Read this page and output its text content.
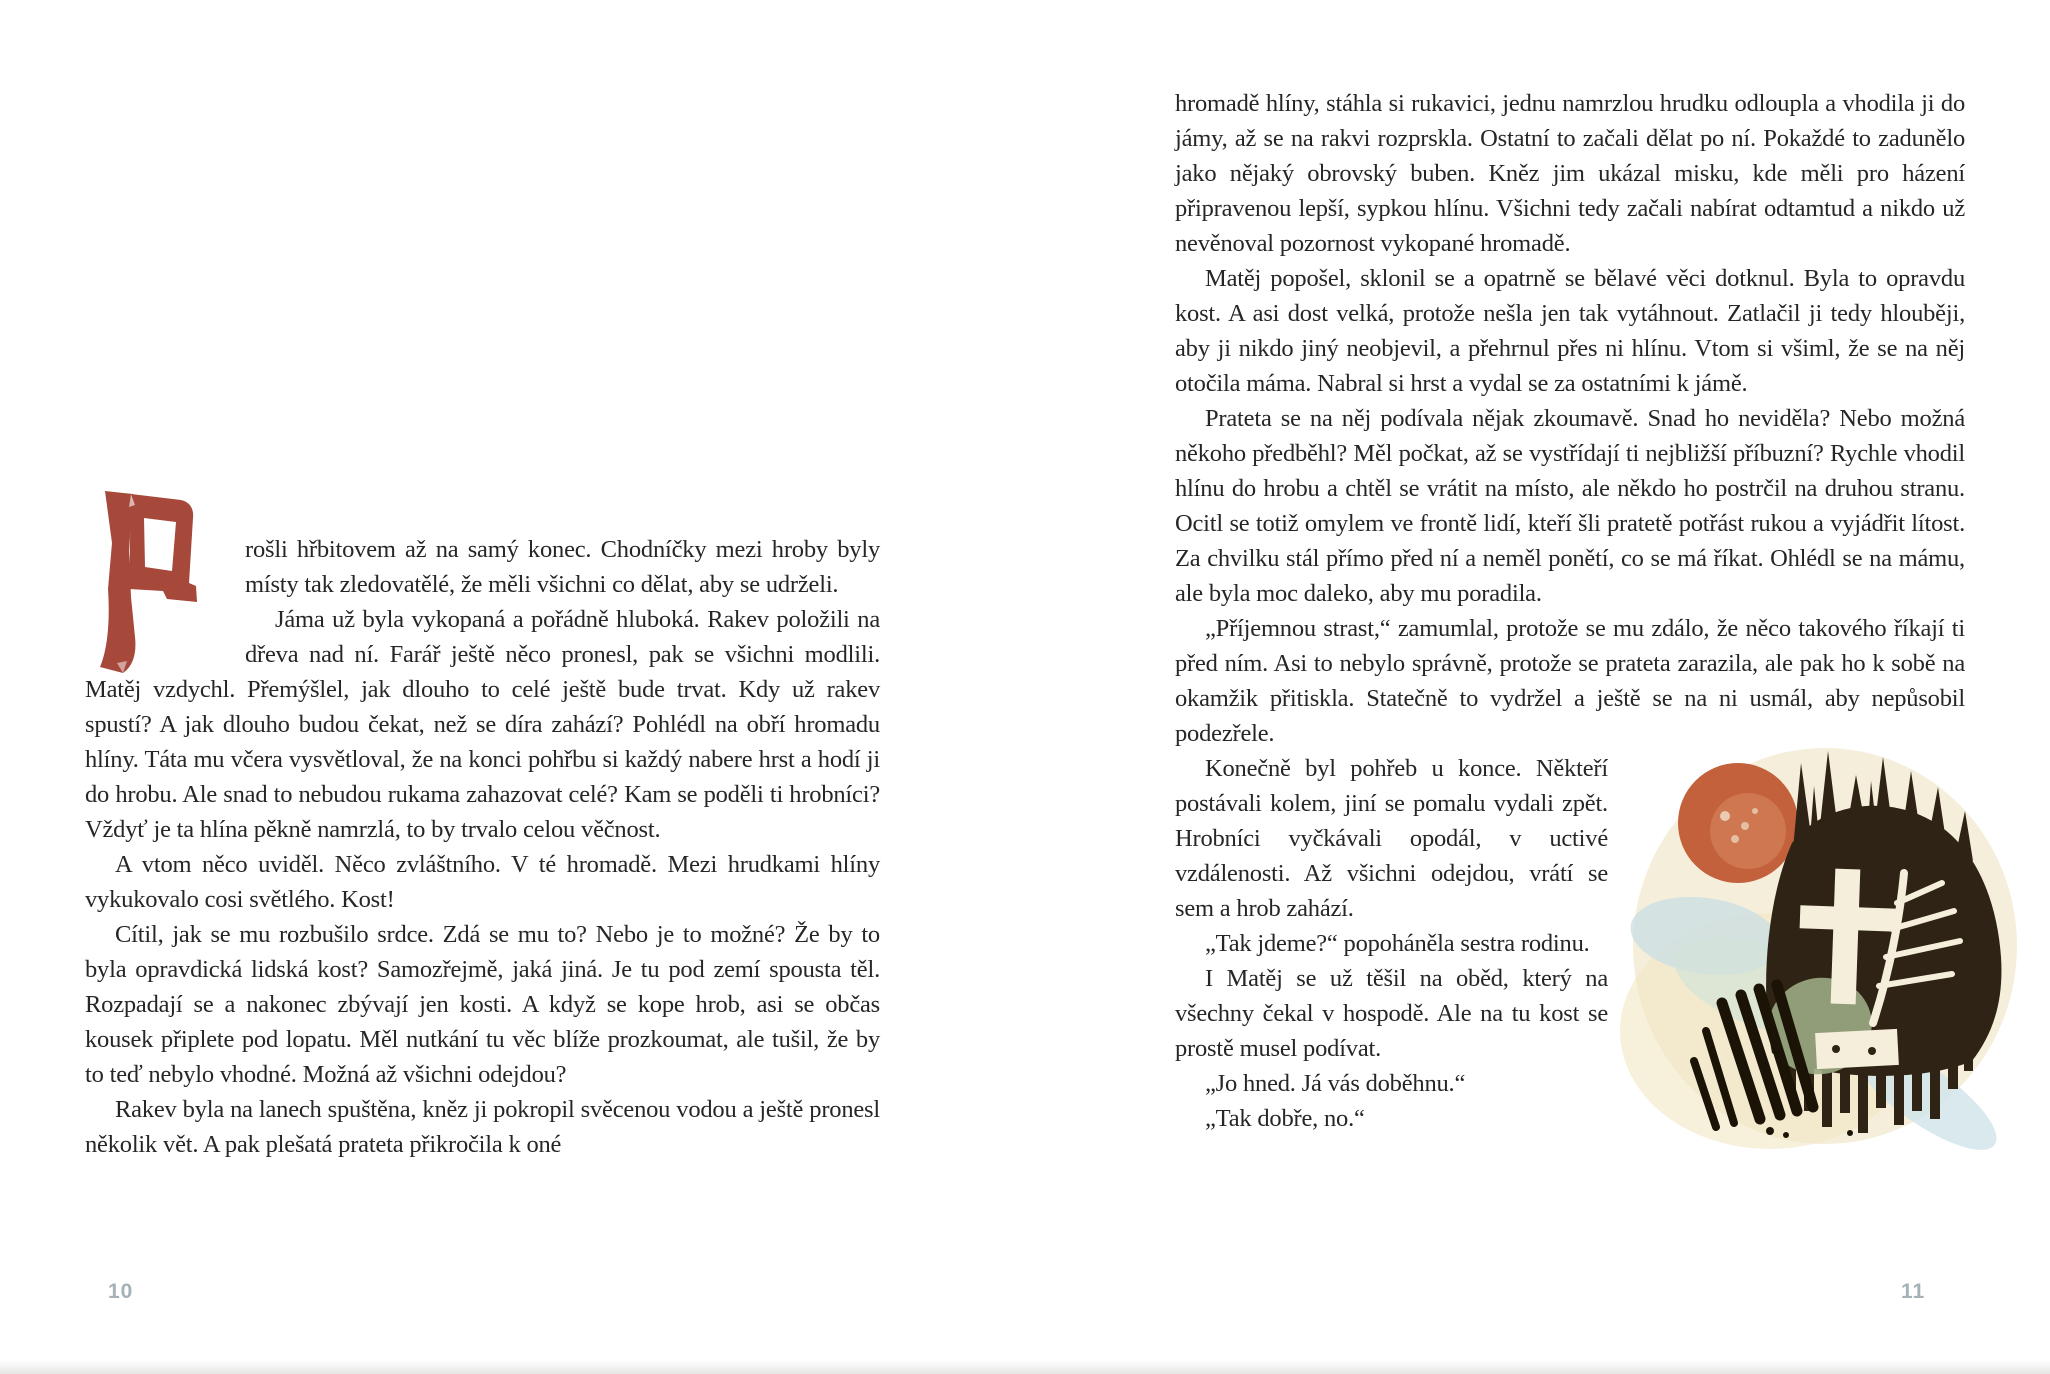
rošli hřbitovem až na samý konec. Chodníčky mezi hroby byly místy tak zledovatělé, že měli všichni co dělat, aby se udrželi.

Jáma už byla vykopaná a pořádně hluboká. Rakev položili na dřeva nad ní. Farář ještě něco pronesl, pak se všichni modlili. Matěj vzdychl. Přemýšlel, jak dlouho to celé ještě bude trvat. Kdy už rakev spustí? A jak dlouho budou čekat, než se díra zahází? Pohlédl na obří hromadu hlíny. Táta mu včera vysvětloval, že na konci pohřbu si každý nabere hrst a hodí ji do hrobu. Ale snad to nebudou rukama zahazovat celé? Kam se poděli ti hrobníci? Vždyť je ta hlína pěkně namrzlá, to by trvalo celou věčnost.

A vtom něco uviděl. Něco zvláštního. V té hromadě. Mezi hrudkami hlíny vykukovalo cosi světlého. Kost!

Cítil, jak se mu rozbušilo srdce. Zdá se mu to? Nebo je to možné? Že by to byla opravdická lidská kost? Samozřejmě, jaká jiná. Je tu pod zemí spousta těl. Rozpadají se a nakonec zbývají jen kosti. A když se kope hrob, asi se občas kousek připlete pod lopatu. Měl nutkání tu věc blíže prozkoumat, ale tušil, že by to teď nebylo vhodné. Možná až všichni odejdou?

Rakev byla na lanech spuštěna, kněz ji pokropil svěcenou vodou a ještě pronesl několik vět. A pak plešatá prateta přikročila k oné

10

hromadě hlíny, stáhla si rukavici, jednu namrzlou hrudku odloupla a vhodila ji do jámy, až se na rakvi rozprskla. Ostatní to začali dělat po ní. Pokaždé to zadunělo jako nějaký obrovský buben. Kněz jim ukázal misku, kde měli pro házení připravenou lepší, sypkou hlínu. Všichni tedy začali nabírat odtamtud a nikdo už nevěnoval pozornost vykopané hromadě.

Matěj popošel, sklonil se a opatrně se bělavé věci dotknul. Byla to opravdu kost. A asi dost velká, protože nešla jen tak vytáhnout. Zatlačil ji tedy hlouběji, aby ji nikdo jiný neobjevil, a přehrnul přes ni hlínu. Vtom si všiml, že se na něj otočila máma. Nabral si hrst a vydal se za ostatními k jámě.

Prateta se na něj podívala nějak zkoumavě. Snad ho neviděla? Nebo možná někoho předběhl? Měl počkat, až se vystřídají ti nejbližší příbuzní? Rychle vhodil hlínu do hrobu a chtěl se vrátit na místo, ale někdo ho postrčil na druhou stranu. Ocitl se totiž omylem ve frontě lidí, kteří šli pratetě potřást rukou a vyjádřit lítost. Za chvilku stál přímo před ní a neměl ponětí, co se má říkat. Ohlédl se na mámu, ale byla moc daleko, aby mu poradila.

„Příjemnou strast,“ zamumlal, protože se mu zdálo, že něco takového říkají ti před ním. Asi to nebylo správně, protože se prateta zarazila, ale pak ho k sobě na okamžik přitiskla. Statečně to vydržel a ještě se na ni usmál, aby nepůsobil podezřele.

Konečně byl pohřeb u konce. Někteří postávali kolem, jiní se pomalu vydali zpět. Hrobníci vyčkávali opodál, v uctivé vzdálenosti. Až všichni odejdou, vrátí se sem a hrob zahází.

„Tak jdeme?“ popoháněla sestra rodinu.

I Matěj se už těšil na oběd, který na všechny čekal v hospodě. Ale na tu kost se prostě musel podívat.

„Jo hned. Já vás doběhnu.“

„Tak dobře, no.“

11
